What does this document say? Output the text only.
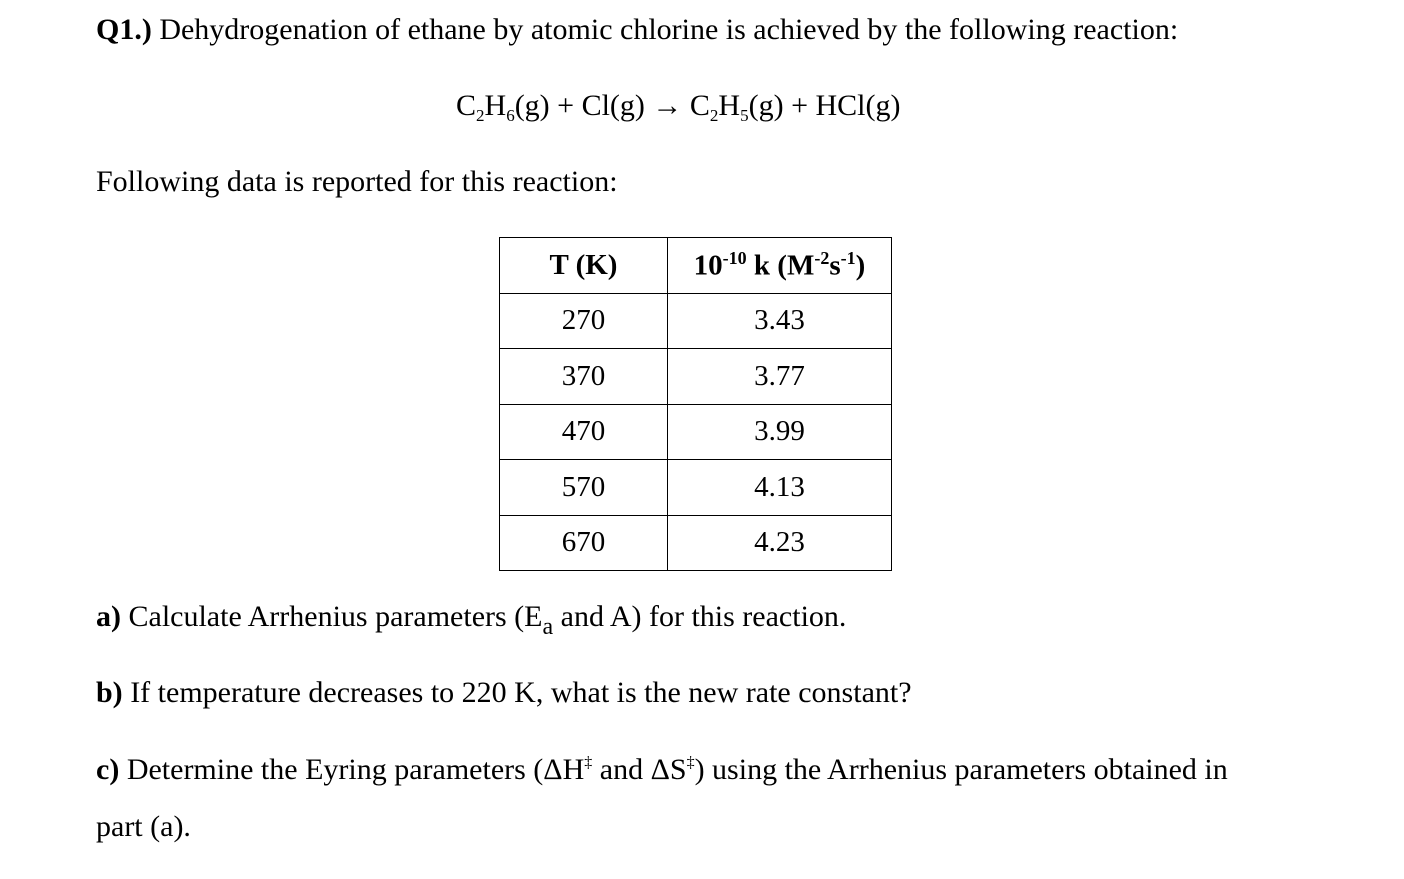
Q1.) Dehydrogenation of ethane by atomic chlorine is achieved by the following reaction:
$C_2H_6(g) + Cl(g) \to C_2H_5(g) + HCl(g)$
Following data is reported for this reaction:
T (K)	$10^{-10}$ k $(M^{-2}s^{-1})$
270	3.43
370	3.77
470	3.99
570	4.13
670	4.23
a) Calculate Arrhenius parameters ($E_a$ and A) for this reaction.
b) If temperature decreases to 220 K, what is the new rate constant?
c) Determine the Eyring parameters (ΔH‡ and ΔS‡) using the Arrhenius parameters obtained in
part (a).
